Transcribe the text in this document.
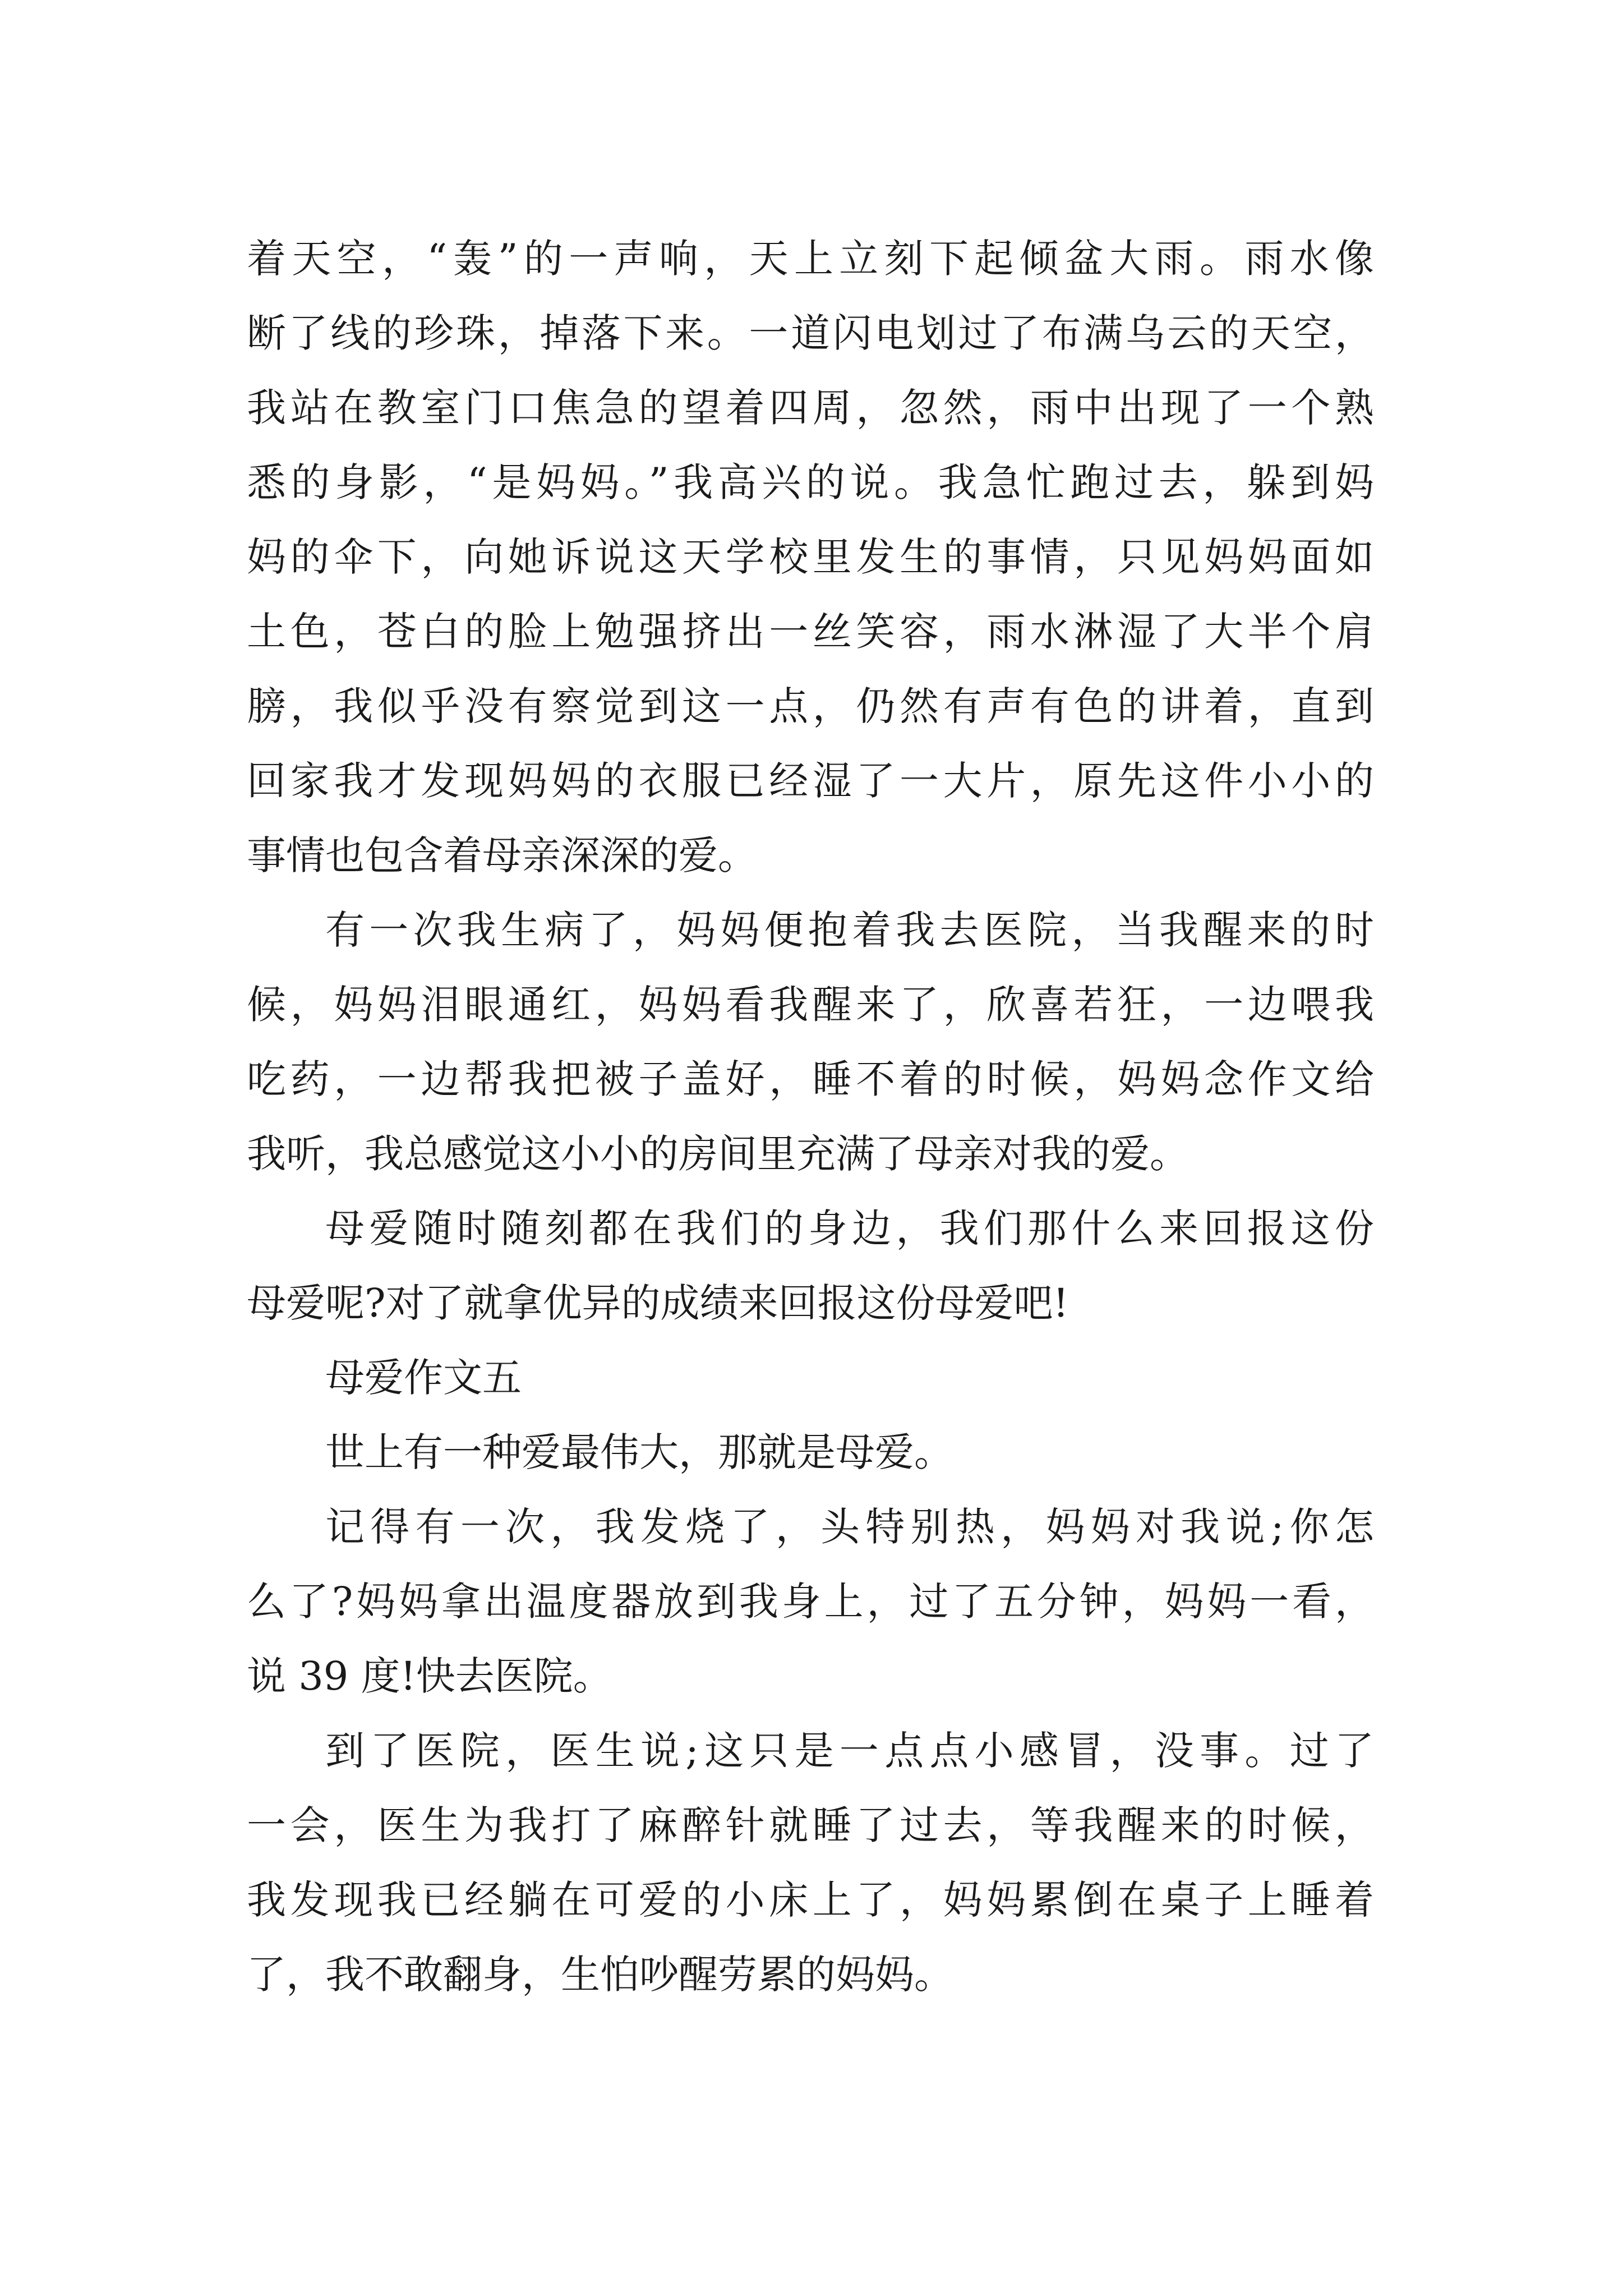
着天空，“轰”的一声响，天上立刻下起倾盆大雨。雨水像
断了线的珍珠，掉落下来。一道闪电划过了布满乌云的天空，
我站在教室门口焦急的望着四周，忽然，雨中出现了一个熟
悉的身影，“是妈妈。”我高兴的说。我急忙跑过去，躲到妈
妈的伞下，向她诉说这天学校里发生的事情，只见妈妈面如
土色，苍白的脸上勉强挤出一丝笑容，雨水淋湿了大半个肩
膀，我似乎没有察觉到这一点，仍然有声有色的讲着，直到
回家我才发现妈妈的衣服已经湿了一大片，原先这件小小的
事情也包含着母亲深深的爱。
有一次我生病了，妈妈便抱着我去医院，当我醒来的时
候，妈妈泪眼通红，妈妈看我醒来了，欣喜若狂，一边喂我
吃药，一边帮我把被子盖好，睡不着的时候，妈妈念作文给
我听，我总感觉这小小的房间里充满了母亲对我的爱。
母爱随时随刻都在我们的身边，我们那什么来回报这份
母爱呢?对了就拿优异的成绩来回报这份母爱吧!
母爱作文五
世上有一种爱最伟大，那就是母爱。
记得有一次，我发烧了，头特别热，妈妈对我说;你怎
么了?妈妈拿出温度器放到我身上，过了五分钟，妈妈一看，
说 39 度!快去医院。
到了医院，医生说;这只是一点点小感冒，没事。过了
一会，医生为我打了麻醉针就睡了过去，等我醒来的时候，
我发现我已经躺在可爱的小床上了，妈妈累倒在桌子上睡着
了，我不敢翻身，生怕吵醒劳累的妈妈。
